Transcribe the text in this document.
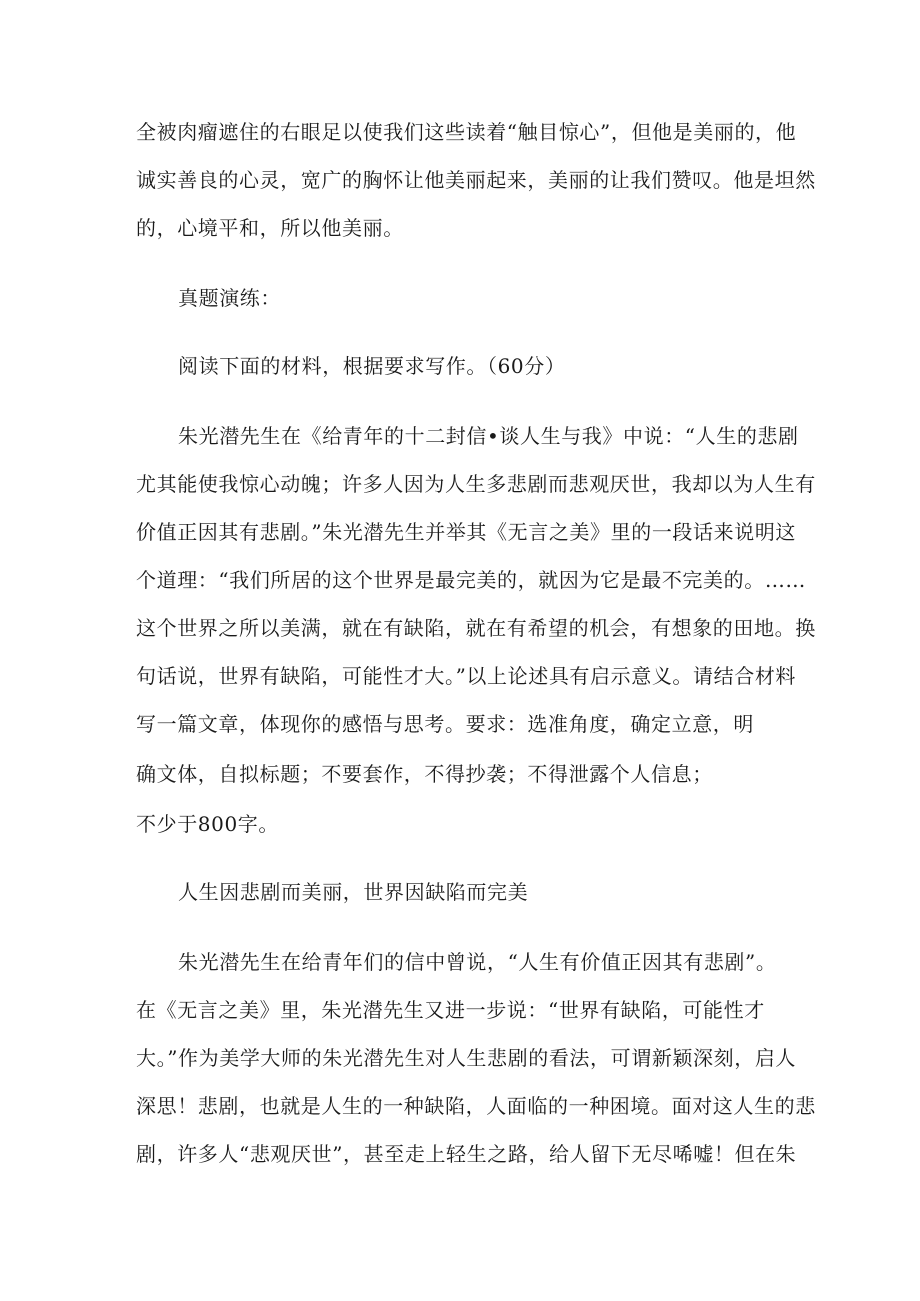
全被肉瘤遮住的右眼足以使我们这些读着“触目惊心”，但他是美丽的，他
诚实善良的心灵，宽广的胸怀让他美丽起来，美丽的让我们赞叹。他是坦然
的，心境平和，所以他美丽。
真题演练：
阅读下面的材料，根据要求写作。（60分）
朱光潜先生在《给青年的十二封信•谈人生与我》中说：“人生的悲剧
尤其能使我惊心动魄；许多人因为人生多悲剧而悲观厌世，我却以为人生有
价值正因其有悲剧。”朱光潜先生并举其《无言之美》里的一段话来说明这
个道理：“我们所居的这个世界是最完美的，就因为它是最不完美的。……
这个世界之所以美满，就在有缺陷，就在有希望的机会，有想象的田地。换
句话说，世界有缺陷，可能性才大。”以上论述具有启示意义。请结合材料
写一篇文章，体现你的感悟与思考。要求：选准角度，确定立意，明
确文体，自拟标题；不要套作，不得抄袭；不得泄露个人信息；
不少于800字。
人生因悲剧而美丽，世界因缺陷而完美
朱光潜先生在给青年们的信中曾说，“人生有价值正因其有悲剧”。
在《无言之美》里，朱光潜先生又进一步说：“世界有缺陷，可能性才
大。”作为美学大师的朱光潜先生对人生悲剧的看法，可谓新颖深刻，启人
深思！悲剧，也就是人生的一种缺陷，人面临的一种困境。面对这人生的悲
剧，许多人“悲观厌世”，甚至走上轻生之路，给人留下无尽唏嘘！但在朱
